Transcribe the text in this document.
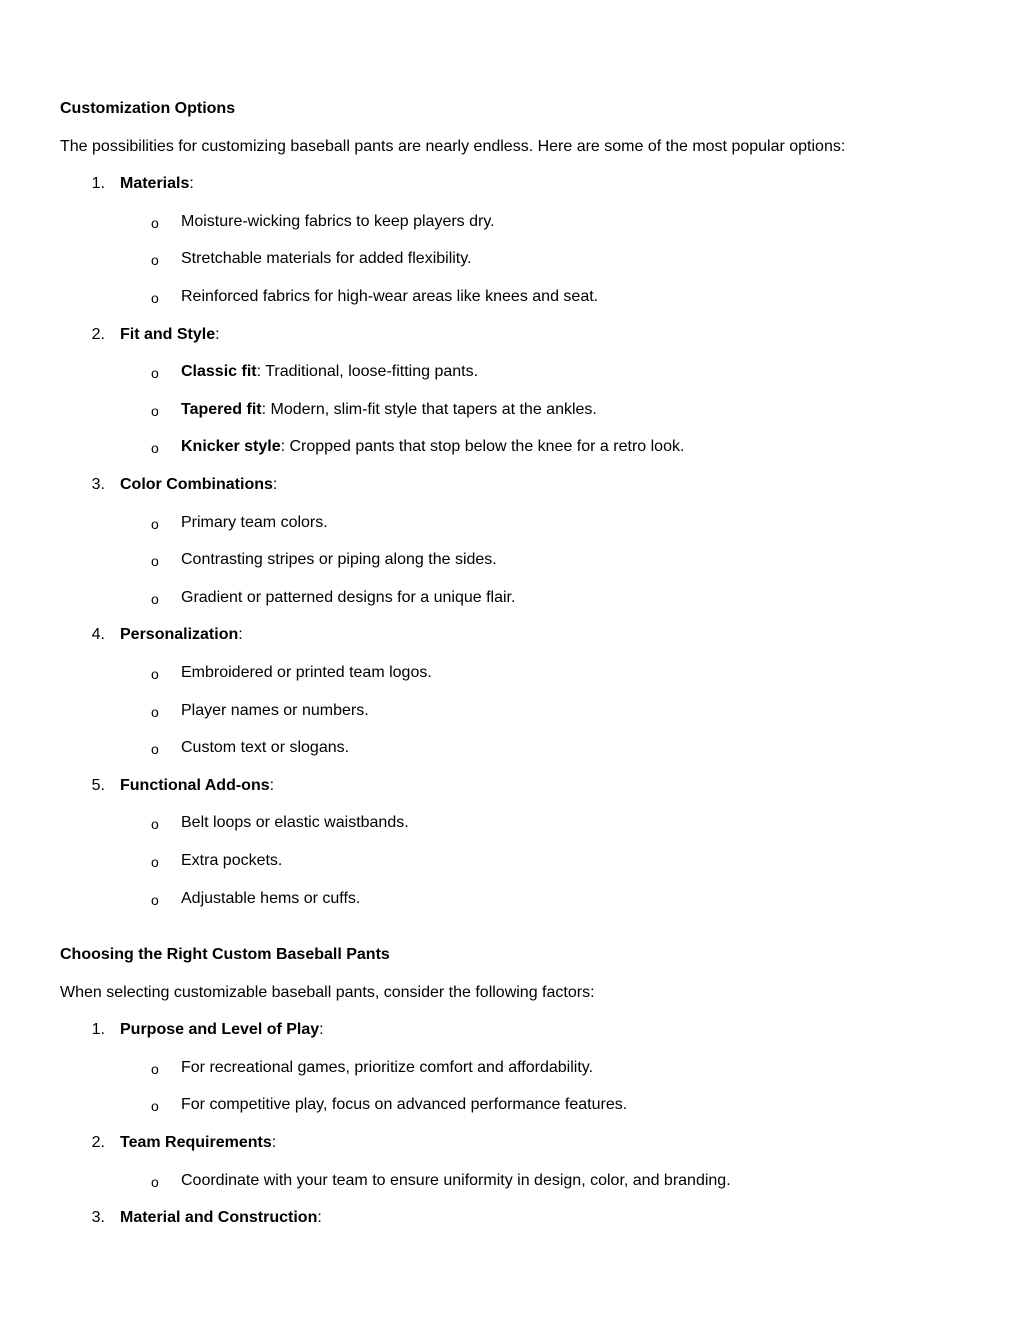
Customization Options
The possibilities for customizing baseball pants are nearly endless. Here are some of the most popular options:
1. Materials:
o Moisture-wicking fabrics to keep players dry.
o Stretchable materials for added flexibility.
o Reinforced fabrics for high-wear areas like knees and seat.
2. Fit and Style:
o Classic fit: Traditional, loose-fitting pants.
o Tapered fit: Modern, slim-fit style that tapers at the ankles.
o Knicker style: Cropped pants that stop below the knee for a retro look.
3. Color Combinations:
o Primary team colors.
o Contrasting stripes or piping along the sides.
o Gradient or patterned designs for a unique flair.
4. Personalization:
o Embroidered or printed team logos.
o Player names or numbers.
o Custom text or slogans.
5. Functional Add-ons:
o Belt loops or elastic waistbands.
o Extra pockets.
o Adjustable hems or cuffs.
Choosing the Right Custom Baseball Pants
When selecting customizable baseball pants, consider the following factors:
1. Purpose and Level of Play:
o For recreational games, prioritize comfort and affordability.
o For competitive play, focus on advanced performance features.
2. Team Requirements:
o Coordinate with your team to ensure uniformity in design, color, and branding.
3. Material and Construction:
